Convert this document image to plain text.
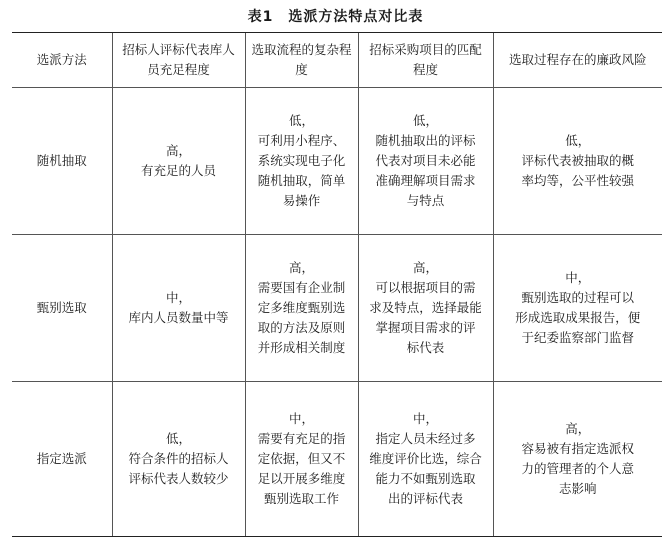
表1　选派方法特点对比表
选派方法	招标人评标代表库人员充足程度	选取流程的复杂程度	招标采购项目的匹配程度	选取过程存在的廉政风险
随机抽取	高，
有充足的人员	低，
可利用小程序、
系统实现电子化
随机抽取，简单
易操作	低，
随机抽取出的评标
代表对项目未必能
准确理解项目需求
与特点	低，
评标代表被抽取的概
率均等，公平性较强

甄别选取	中，
库内人员数量中等	高，
需要国有企业制
定多维度甄别选
取的方法及原则
并形成相关制度	高，
可以根据项目的需
求及特点，选择最能
掌握项目需求的评
标代表	中，
甄别选取的过程可以
形成选取成果报告，便
于纪委监察部门监督

指定选派	低，
符合条件的招标人
评标代表人数较少	中，
需要有充足的指
定依据，但又不
足以开展多维度
甄别选取工作	中，
指定人员未经过多
维度评价比选，综合
能力不如甄别选取
出的评标代表	高，
容易被有指定选派权
力的管理者的个人意
志影响
